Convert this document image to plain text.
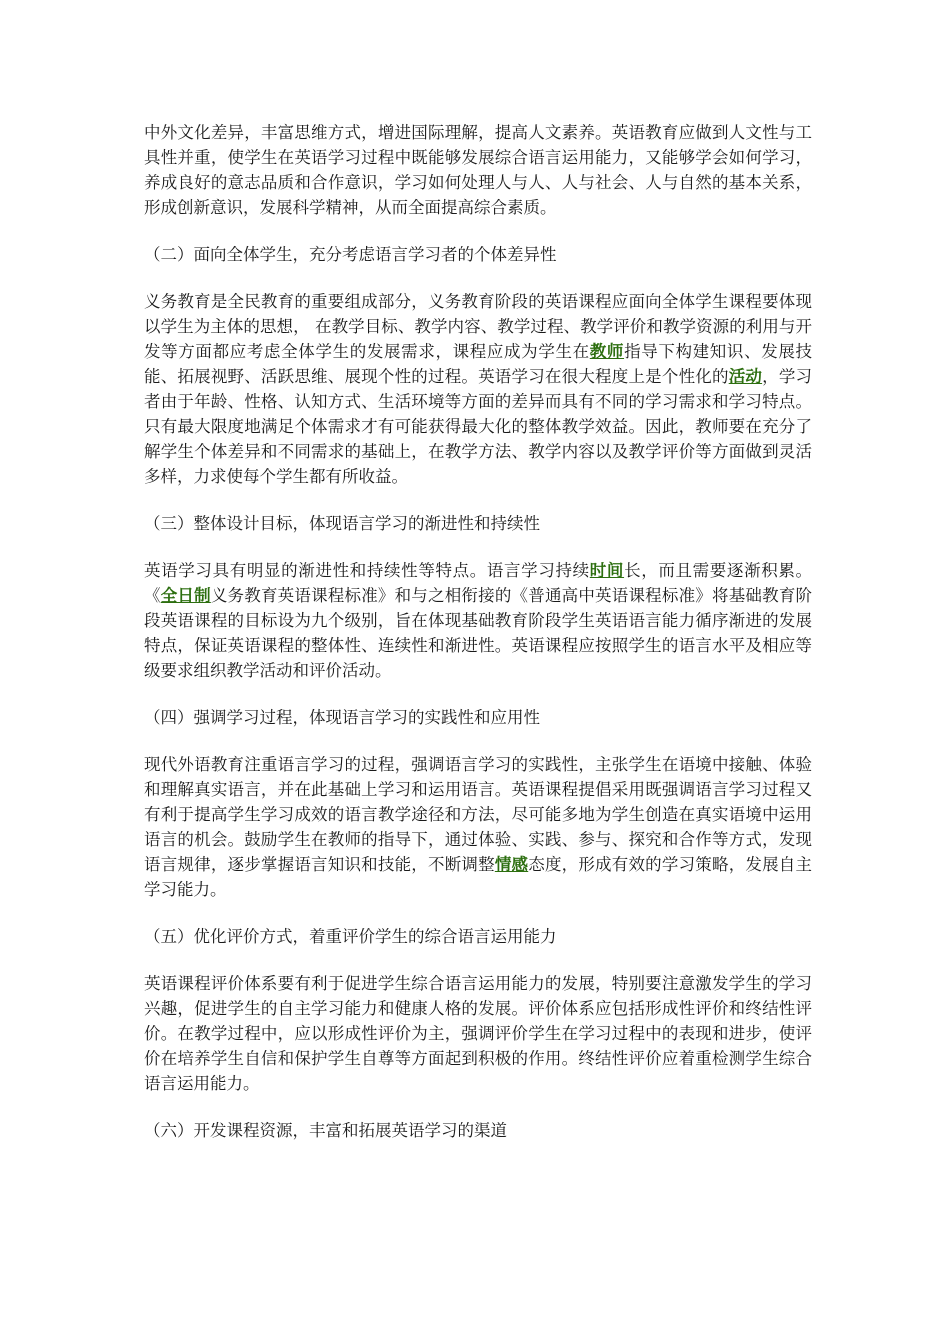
中外文化差异，丰富思维方式，增进国际理解，提高人文素养。英语教育应做到人文性与工具性并重，使学生在英语学习过程中既能够发展综合语言运用能力，又能够学会如何学习，养成良好的意志品质和合作意识，学习如何处理人与人、人与社会、人与自然的基本关系，形成创新意识，发展科学精神，从而全面提高综合素质。

（二）面向全体学生，充分考虑语言学习者的个体差异性

义务教育是全民教育的重要组成部分，义务教育阶段的英语课程应面向全体学生课程要体现以学生为主体的思想， 在教学目标、教学内容、教学过程、教学评价和教学资源的利用与开发等方面都应考虑全体学生的发展需求，课程应成为学生在教师指导下构建知识、发展技能、拓展视野、活跃思维、展现个性的过程。英语学习在很大程度上是个性化的活动，学习者由于年龄、性格、认知方式、生活环境等方面的差异而具有不同的学习需求和学习特点。只有最大限度地满足个体需求才有可能获得最大化的整体教学效益。因此，教师要在充分了解学生个体差异和不同需求的基础上，在教学方法、教学内容以及教学评价等方面做到灵活多样，力求使每个学生都有所收益。

（三）整体设计目标，体现语言学习的渐进性和持续性

英语学习具有明显的渐进性和持续性等特点。语言学习持续时间长，而且需要逐渐积累。《全日制义务教育英语课程标准》和与之相衔接的《普通高中英语课程标准》将基础教育阶段英语课程的目标设为九个级别，旨在体现基础教育阶段学生英语语言能力循序渐进的发展特点，保证英语课程的整体性、连续性和渐进性。英语课程应按照学生的语言水平及相应等级要求组织教学活动和评价活动。

（四）强调学习过程，体现语言学习的实践性和应用性

现代外语教育注重语言学习的过程，强调语言学习的实践性，主张学生在语境中接触、体验和理解真实语言，并在此基础上学习和运用语言。英语课程提倡采用既强调语言学习过程又有利于提高学生学习成效的语言教学途径和方法，尽可能多地为学生创造在真实语境中运用语言的机会。鼓励学生在教师的指导下，通过体验、实践、参与、探究和合作等方式，发现语言规律，逐步掌握语言知识和技能，不断调整情感态度，形成有效的学习策略，发展自主学习能力。

（五）优化评价方式，着重评价学生的综合语言运用能力

英语课程评价体系要有利于促进学生综合语言运用能力的发展，特别要注意激发学生的学习兴趣，促进学生的自主学习能力和健康人格的发展。评价体系应包括形成性评价和终结性评价。在教学过程中，应以形成性评价为主，强调评价学生在学习过程中的表现和进步，使评价在培养学生自信和保护学生自尊等方面起到积极的作用。终结性评价应着重检测学生综合语言运用能力。

（六）开发课程资源，丰富和拓展英语学习的渠道
